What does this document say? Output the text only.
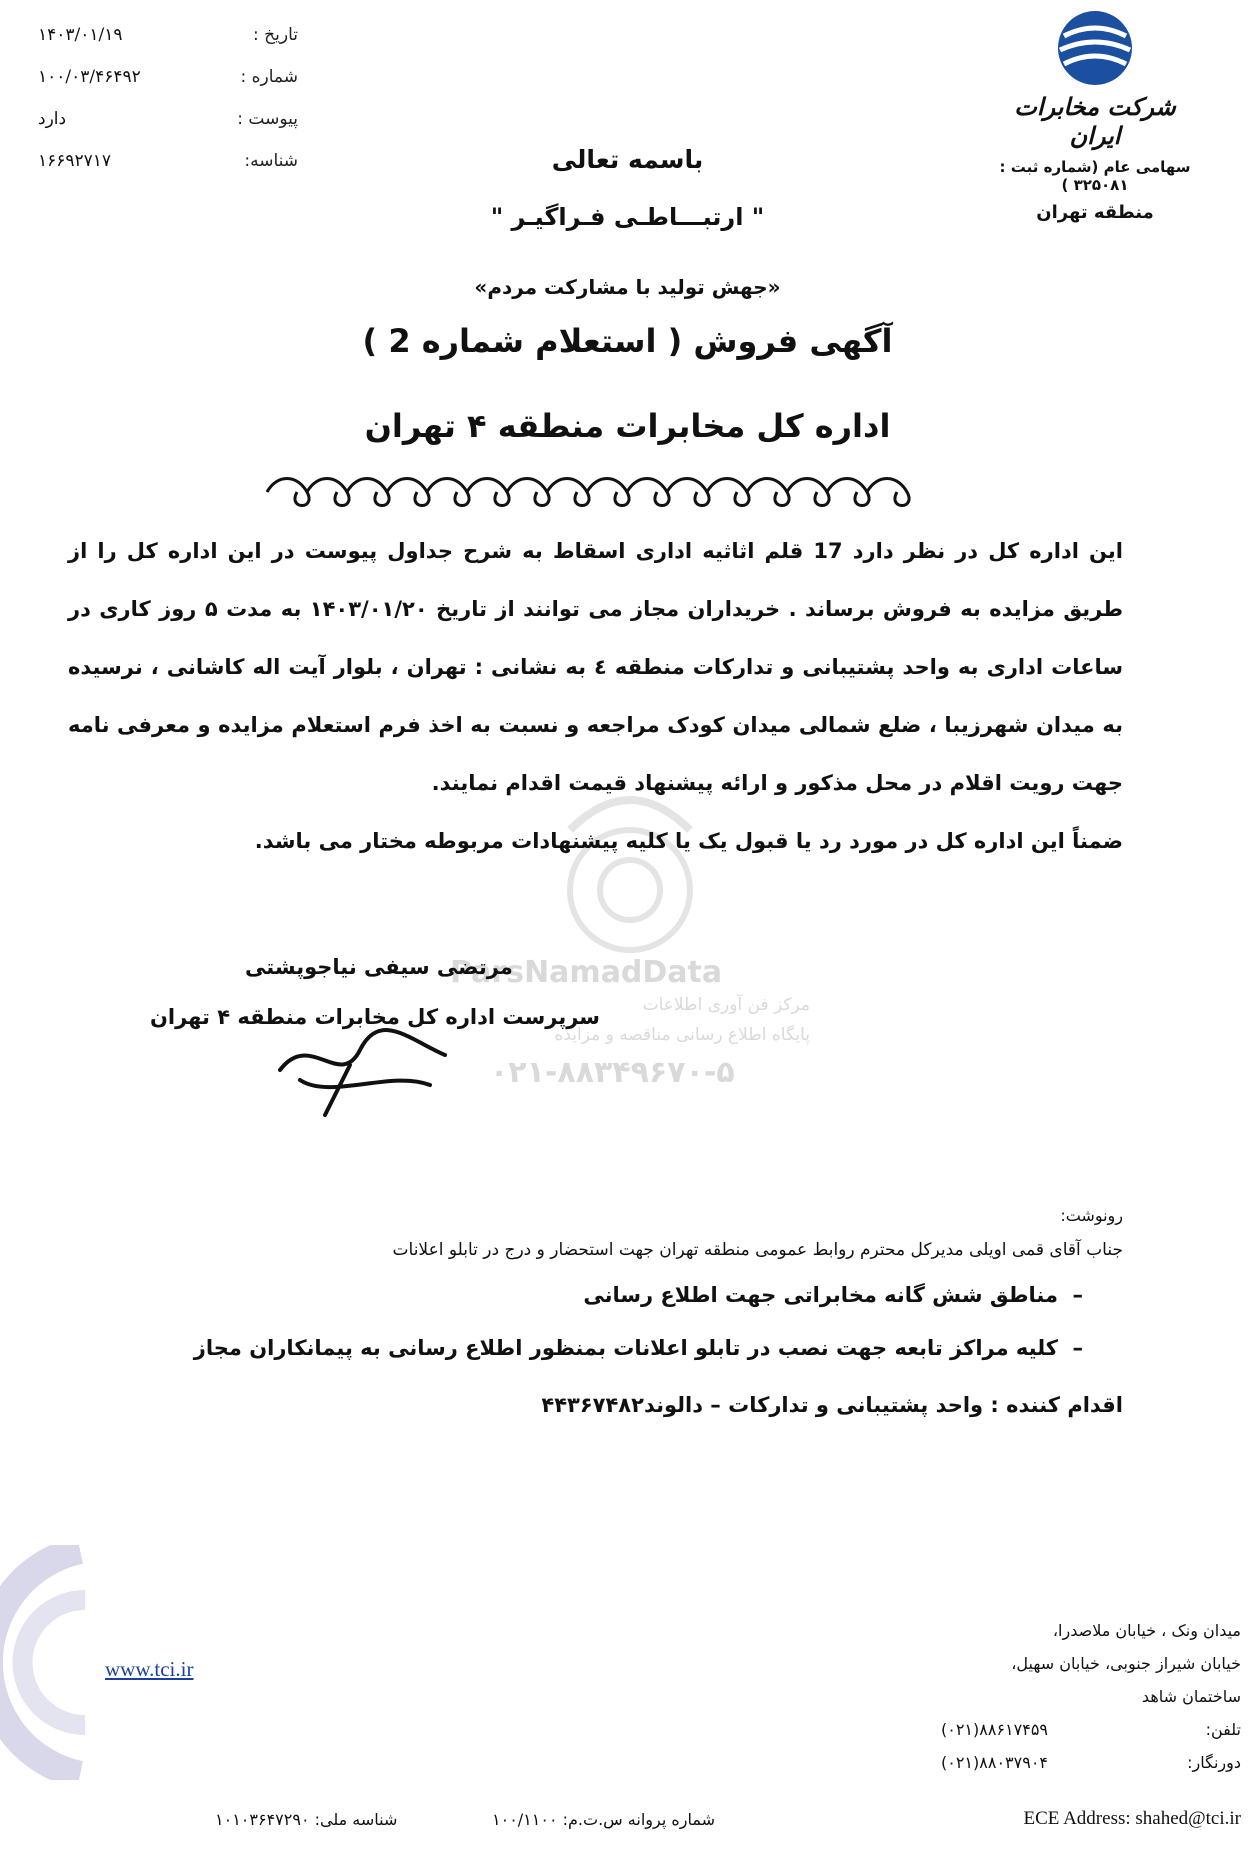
ParsNamadData
مرکز فن آوری اطلاعات
پایگاه اطلاع رسانی مناقصه و مزایده
۰۲۱-۸۸۳۴۹۶۷۰-۵
تاریخ :
۱۴۰۳/۰۱/۱۹
شماره :
۱۰۰/۰۳/۴۶۴۹۲
پیوست :
دارد
شناسه:
۱۶۶۹۲۷۱۷
شرکت مخابرات ایران
سهامی عام (شماره ثبت : ۳۲۵۰۸۱ )
منطقه تهران
باسمه تعالی
" ارتبـــاطـی فـراگیـر "
«جهش تولید با مشارکت مردم»
آگهی فروش ( استعلام شماره 2 )
اداره کل مخابرات منطقه ۴ تهران

این اداره کل در نظر دارد 17 قلم اثاثیه اداری اسقاط به شرح جداول پیوست در این اداره کل را از طریق مزایده به فروش برساند . خریداران مجاز می توانند از تاریخ ۱۴۰۳/۰۱/۲۰ به مدت ۵ روز کاری در ساعات اداری به واحد پشتیبانی و تدارکات منطقه ٤ به نشانی : تهران ، بلوار آیت اله کاشانی ، نرسیده به میدان شهرزیبا ، ضلع شمالی میدان کودک مراجعه و نسبت به اخذ فرم استعلام مزایده و معرفی نامه جهت رویت اقلام در محل مذکور و ارائه پیشنهاد قیمت اقدام نمایند.

ضمناً این اداره کل در مورد رد یا قبول یک یا کلیه پیشنهادات مربوطه مختار می باشد.

مرتضی سیفی نیاجوپشتی
سرپرست اداره کل مخابرات منطقه ۴ تهران
رونوشت:
جناب آقای قمی اویلی مدیرکل محترم روابط عمومی منطقه تهران جهت استحضار و درج در تابلو اعلانات
–
مناطق شش گانه مخابراتی جهت اطلاع رسانی
–
کلیه مراکز تابعه جهت نصب در تابلو اعلانات بمنظور اطلاع رسانی به پیمانکاران مجاز
اقدام کننده : واحد پشتیبانی و تدارکات – دالوند۴۴۳۶۷۴۸۲
www.tci.ir
میدان ونک ، خیابان ملاصدرا،
خیابان شیراز جنوبی، خیابان سهیل،
ساختمان شاهد
تلفن:
(۰۲۱)۸۸۶۱۷۴۵۹
دورنگار:
(۰۲۱)۸۸۰۳۷۹۰۴
ECE Address: shahed@tci.ir
شماره پروانه س.ت.م: ۱۰۰/۱۱۰۰
شناسه ملی: ۱۰۱۰۳۶۴۷۲۹۰
